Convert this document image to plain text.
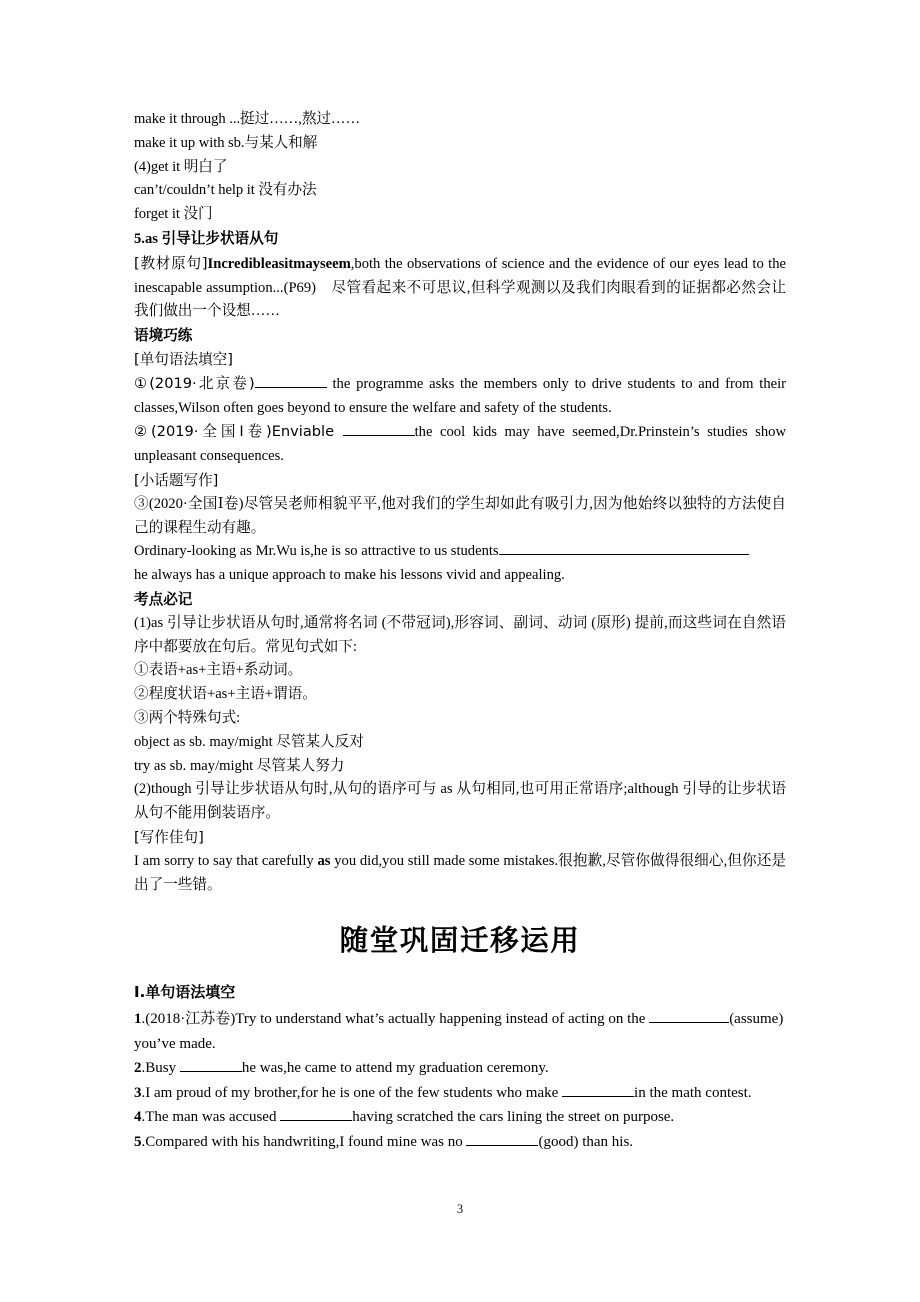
make it through ...挺过……,熬过……
make it up with sb.与某人和解
(4)get it 明白了
can’t/couldn’t help it 没有办法
forget it 没门
5.as 引导让步状语从句
[教材原句]Incredibleasitmayseem,both the observations of science and the evidence of our eyes lead to the inescapable assumption...(P69)　尽管看起来不可思议,但科学观测以及我们肉眼看到的证据都必然会让我们做出一个设想……
语境巧练
[单句语法填空]
①(2019·北京卷)	the programme asks the members only to drive students to and from their classes,Wilson often goes beyond to ensure the welfare and safety of the students.
②(2019·全国Ⅰ卷)Enviable	the cool kids may have seemed,Dr.Prinstein’s studies show unpleasant consequences.
[小话题写作]
③(2020·全国Ⅰ卷)尽管吴老师相貌平平,他对我们的学生却如此有吸引力,因为他始终以独特的方法使自己的课程生动有趣。
Ordinary-looking as Mr.Wu is,he is so attractive to us students
he always has a unique approach to make his lessons vivid and appealing.
考点必记
(1)as 引导让步状语从句时,通常将名词 (不带冠词),形容词、副词、动词 (原形) 提前,而这些词在自然语序中都要放在句后。常见句式如下:
①表语+as+主语+系动词。
②程度状语+as+主语+谓语。
③两个特殊句式:
object as sb. may/might 尽管某人反对
try as sb. may/might 尽管某人努力
(2)though 引导让步状语从句时,从句的语序可与 as 从句相同,也可用正常语序;although 引导的让步状语从句不能用倒装语序。
[写作佳句]
I am sorry to say that carefully as you did,you still made some mistakes.很抱歉,尽管你做得很细心,但你还是出了一些错。
随堂巩固迁移运用
Ⅰ.单句语法填空
1.(2018·江苏卷)Try to understand what’s actually happening instead of acting on the	(assume) you’ve made.
2.Busy	he was,he came to attend my graduation ceremony.
3.I am proud of my brother,for he is one of the few students who make	in the math contest.
4.The man was accused	having scratched the cars lining the street on purpose.
5.Compared with his handwriting,I found mine was no	(good) than his.
3
